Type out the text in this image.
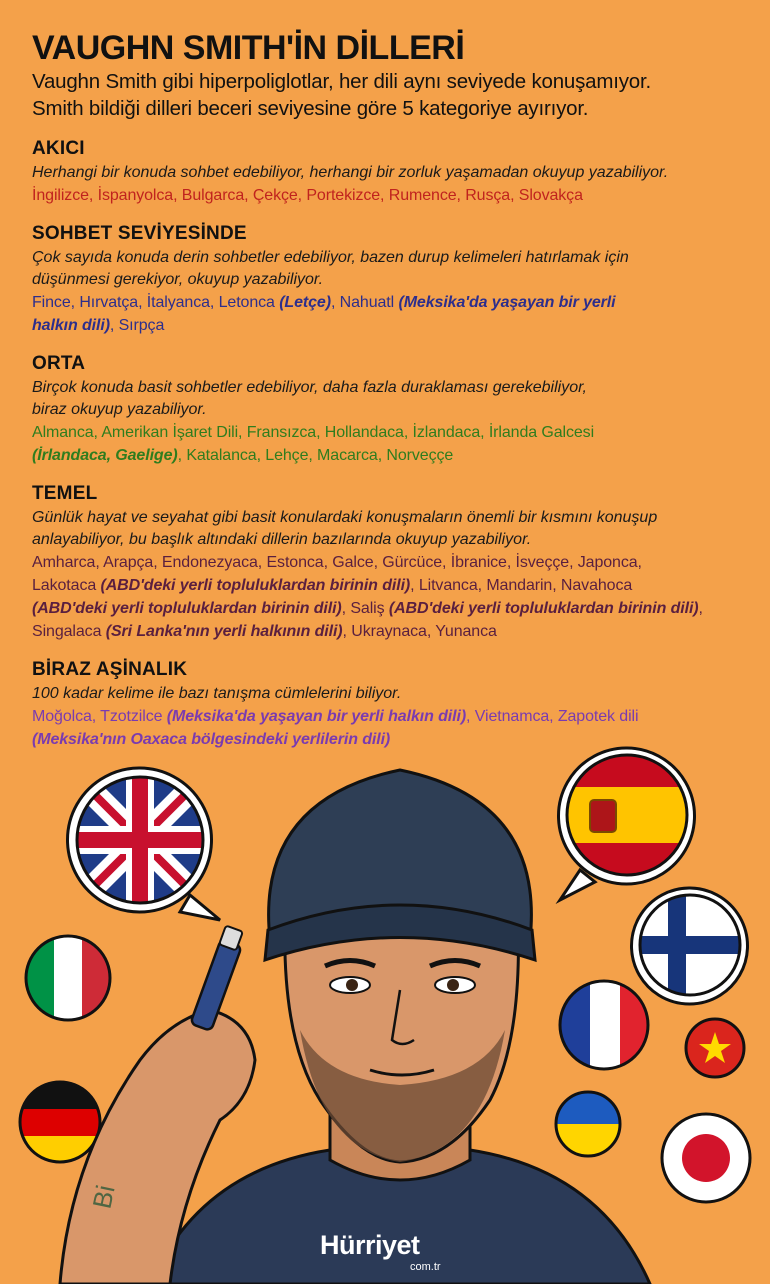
VAUGHN SMITH'İN DİLLERİ

Vaughn Smith gibi hiperpoliglotlar, her dili aynı seviyede konuşamıyor.
Smith bildiği dilleri beceri seviyesine göre 5 kategoriye ayırıyor.

AKICI
Herhangi bir konuda sohbet edebiliyor, herhangi bir zorluk yaşamadan okuyup yazabiliyor.
İngilizce, İspanyolca, Bulgarca, Çekçe, Portekizce, Rumence, Rusça, Slovakça
SOHBET SEVİYESİNDE
Çok sayıda konuda derin sohbetler edebiliyor, bazen durup kelimeleri hatırlamak için
düşünmesi gerekiyor, okuyup yazabiliyor.
Fince, Hırvatça, İtalyanca, Letonca (Letçe), Nahuatl (Meksika'da yaşayan bir yerli
halkın dili), Sırpça
ORTA
Birçok konuda basit sohbetler edebiliyor, daha fazla duraklaması gerekebiliyor,
biraz okuyup yazabiliyor.
Almanca, Amerikan İşaret Dili, Fransızca, Hollandaca, İzlandaca, İrlanda Galcesi
(İrlandaca, Gaelige), Katalanca, Lehçe, Macarca, Norveççe
TEMEL
Günlük hayat ve seyahat gibi basit konulardaki konuşmaların önemli bir kısmını konuşup
anlayabiliyor, bu başlık altındaki dillerin bazılarında okuyup yazabiliyor.
Amharca, Arapça, Endonezyaca, Estonca, Galce, Gürcüce, İbranice, İsveççe, Japonca,
Lakotaca (ABD'deki yerli topluluklardan birinin dili), Litvanca, Mandarin, Navahoca
(ABD'deki yerli topluluklardan birinin dili), Saliş (ABD'deki yerli topluluklardan birinin dili),
Singalaca (Sri Lanka'nın yerli halkının dili), Ukraynaca, Yunanca
BİRAZ AŞİNALIK
100 kadar kelime ile bazı tanışma cümlelerini biliyor.
Moğolca, Tzotzilce (Meksika'da yaşayan bir yerli halkın dili), Vietnamca, Zapotek dili
(Meksika'nın Oaxaca bölgesindeki yerlilerin dili)
Bi
Hürriyet
com.tr
